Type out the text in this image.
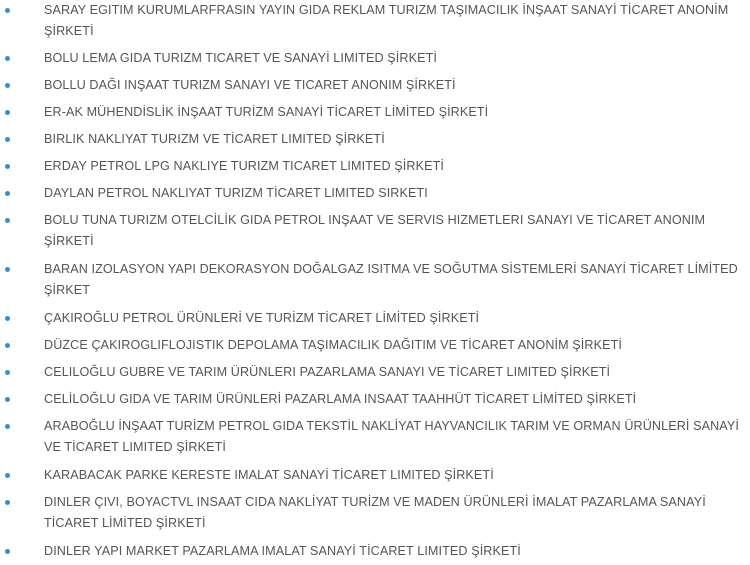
SARAY EGITIM KURUMLARFRASIN YAYIN GIDA REKLAM TURIZM TAŞIMACILIK İNŞAAT SANAYİ TİCARET ANONİM ŞİRKETİ
BOLU LEMA GIDA TURIZM TICARET VE SANAYİ LIMITED ŞİRKETİ
BOLLU DAĞI INŞAAT TURIZM SANAYI VE TICARET ANONIM ŞİRKETİ
ER-AK MÜHENDİSLİK İNŞAAT TURİZM SANAYİ TİCARET LİMİTED ŞİRKETİ
BIRLIK NAKLIYAT TURIZM VE TİCARET LIMITED ŞİRKETİ
ERDAY PETROL LPG NAKLIYE TURIZM TICARET LIMITED ŞİRKETİ
DAYLAN PETROL NAKLIYAT TURIZM TİCARET LIMITED SIRKETI
BOLU TUNA TURIZM OTELCİLİK GIDA PETROL INŞAAT VE SERVIS HIZMETLERI SANAYI VE TİCARET ANONIM ŞİRKETİ
BARAN IZOLASYON YAPI DEKORASYON DOĞALGAZ ISITMA VE SOĞUTMA SİSTEMLERİ SANAYİ TİCARET LİMİTED ŞİRKET
ÇAKIROĞLU PETROL ÜRÜNLERİ VE TURİZM TİCARET LİMİTED ŞİRKETİ
DÜZCE ÇAKIROGLIFLOJISTIK DEPOLAMA TAŞIMACILIK DAĞITIM VE TİCARET ANONİM ŞİRKETİ
CELILOĞLU GUBRE VE TARIM ÜRÜNLERI PAZARLAMA SANAYI VE TİCARET LIMITED ŞİRKETİ
CELİLOĞLU GIDA VE TARIM ÜRÜNLERİ PAZARLAMA INSAAT TAAHHÜT TİCARET LİMİTED ŞİRKETİ
ARABOĞLU İNŞAAT TURİZM PETROL GIDA TEKSTİL NAKLİYAT HAYVANCILIK TARIM VE ORMAN ÜRÜNLERİ SANAYİ VE TİCARET LIMITED ŞİRKETİ
KARABACAK PARKE KERESTE IMALAT SANAYİ TİCARET LIMITED ŞİRKETİ
DINLER ÇIVI, BOYACTVL INSAAT CIDA NAKLİYAT TURİZM VE MADEN ÜRÜNLERİ İMALAT PAZARLAMA SANAYİ TİCARET LİMİTED ŞİRKETİ
DINLER YAPI MARKET PAZARLAMA IMALAT SANAYİ TİCARET LIMITED ŞİRKETİ
